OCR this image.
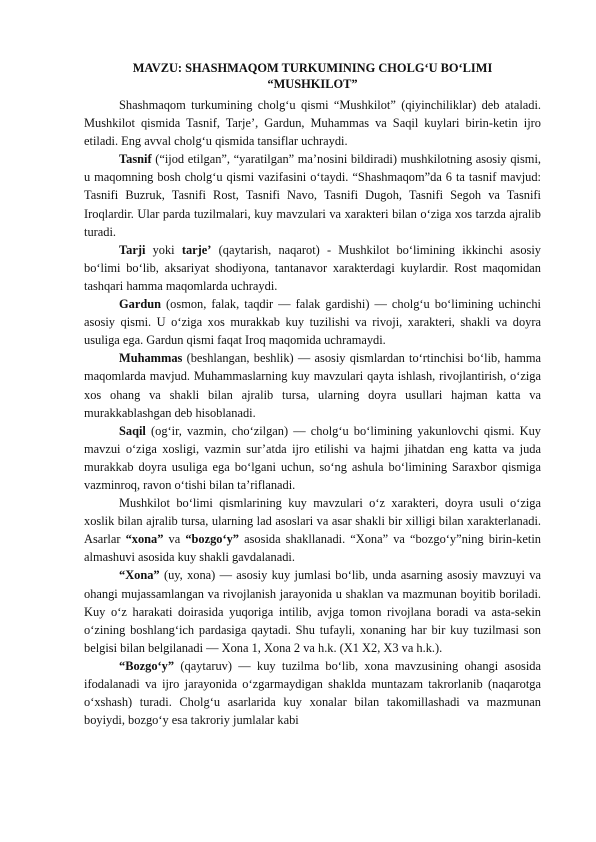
MAVZU: SHASHMAQOM TURKUMINING CHOLG‘U BO‘LIMI “MUSHKILOT”

Shashmaqom turkumining cholg‘u qismi “Mushkilot” (qiyinchiliklar) deb ataladi. Mushkilot qismida Tasnif, Tarje’, Gardun, Muhammas va Saqil kuylari birin-ketin ijro etiladi. Eng avval cholg‘u qismida tansiflar uchraydi.

Tasnif (“ijod etilgan”, “yaratilgan” ma’nosini bildiradi) mushkilotning asosiy qismi, u maqomning bosh cholg‘u qismi vazifasini o‘taydi. “Shashmaqom”da 6 ta tasnif mavjud: Tasnifi Buzruk, Tasnifi Rost, Tasnifi Navo, Tasnifi Dugoh, Tasnifi Segoh va Tasnifi Iroqlardir. Ular parda tuzilmalari, kuy mavzulari va xarakteri bilan o‘ziga xos tarzda ajralib turadi.

Tarji yoki tarje’ (qaytarish, naqarot) - Mushkilot bo‘limining ikkinchi asosiy bo‘limi bo‘lib, aksariyat shodiyona, tantanavor xarakterdagi kuylardir. Rost maqomidan tashqari hamma maqomlarda uchraydi.

Gardun (osmon, falak, taqdir — falak gardishi) — cholg‘u bo‘limining uchinchi asosiy qismi. U o‘ziga xos murakkab kuy tuzilishi va rivoji, xarakteri, shakli va doyra usuliga ega. Gardun qismi faqat Iroq maqomida uchramaydi.

Muhammas (beshlangan, beshlik) — asosiy qismlardan to‘rtinchisi bo‘lib, hamma maqomlarda mavjud. Muhammaslarning kuy mavzulari qayta ishlash, rivojlantirish, o‘ziga xos ohang va shakli bilan ajralib tursa, ularning doyra usullari hajman katta va murakkablashgan deb hisoblanadi.

Saqil (og‘ir, vazmin, cho‘zilgan) — cholg‘u bo‘limining yakunlovchi qismi. Kuy mavzui o‘ziga xosligi, vazmin sur’atda ijro etilishi va hajmi jihatdan eng katta va juda murakkab doyra usuliga ega bo‘lgani uchun, so‘ng ashula bo‘limining Saraxbor qismiga vazminroq, ravon o‘tishi bilan ta’riflanadi.

Mushkilot bo‘limi qismlarining kuy mavzulari o‘z xarakteri, doyra usuli o‘ziga xoslik bilan ajralib tursa, ularning lad asoslari va asar shakli bir xilligi bilan xarakterlanadi. Asarlar “xona” va “bozgo‘y” asosida shakllanadi. “Xona” va “bozgo‘y”ning birin-ketin almashuvi asosida kuy shakli gavdalanadi.

“Xona” (uy, xona) — asosiy kuy jumlasi bo‘lib, unda asarning asosiy mavzuyi va ohangi mujassamlangan va rivojlanish jarayonida u shaklan va mazmunan boyitib boriladi. Kuy o‘z harakati doirasida yuqoriga intilib, avjga tomon rivojlana boradi va asta-sekin o‘zining boshlang‘ich pardasiga qaytadi. Shu tufayli, xonaning har bir kuy tuzilmasi son belgisi bilan belgilanadi — Xona 1, Xona 2 va h.k. (X1 X2, X3 va h.k.).

“Bozgo‘y” (qaytaruv) — kuy tuzilma bo‘lib, xona mavzusining ohangi asosida ifodalanadi va ijro jarayonida o‘zgarmaydigan shaklda muntazam takrorlanib (naqarotga o‘xshash) turadi. Cholg‘u asarlarida kuy xonalar bilan takomillashadi va mazmunan boyiydi, bozgo‘y esa takroriy jumlalar kabi
